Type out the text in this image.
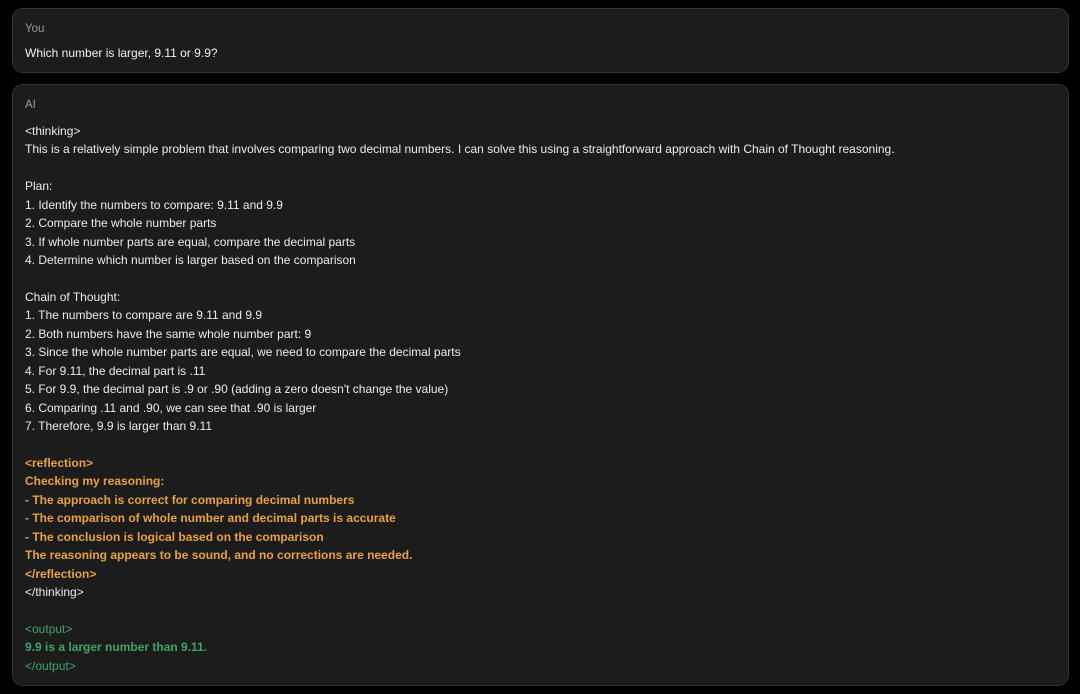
You
Which number is larger, 9.11 or 9.9?
AI
<thinking>
This is a relatively simple problem that involves comparing two decimal numbers. I can solve this using a straightforward approach with Chain of Thought reasoning.
Plan:
1. Identify the numbers to compare: 9.11 and 9.9
2. Compare the whole number parts
3. If whole number parts are equal, compare the decimal parts
4. Determine which number is larger based on the comparison
Chain of Thought:
1. The numbers to compare are 9.11 and 9.9
2. Both numbers have the same whole number part: 9
3. Since the whole number parts are equal, we need to compare the decimal parts
4. For 9.11, the decimal part is .11
5. For 9.9, the decimal part is .9 or .90 (adding a zero doesn't change the value)
6. Comparing .11 and .90, we can see that .90 is larger
7. Therefore, 9.9 is larger than 9.11
<reflection>
Checking my reasoning:
- The approach is correct for comparing decimal numbers
- The comparison of whole number and decimal parts is accurate
- The conclusion is logical based on the comparison
The reasoning appears to be sound, and no corrections are needed.
</reflection>
</thinking>
<output>
9.9 is a larger number than 9.11.
</output>
